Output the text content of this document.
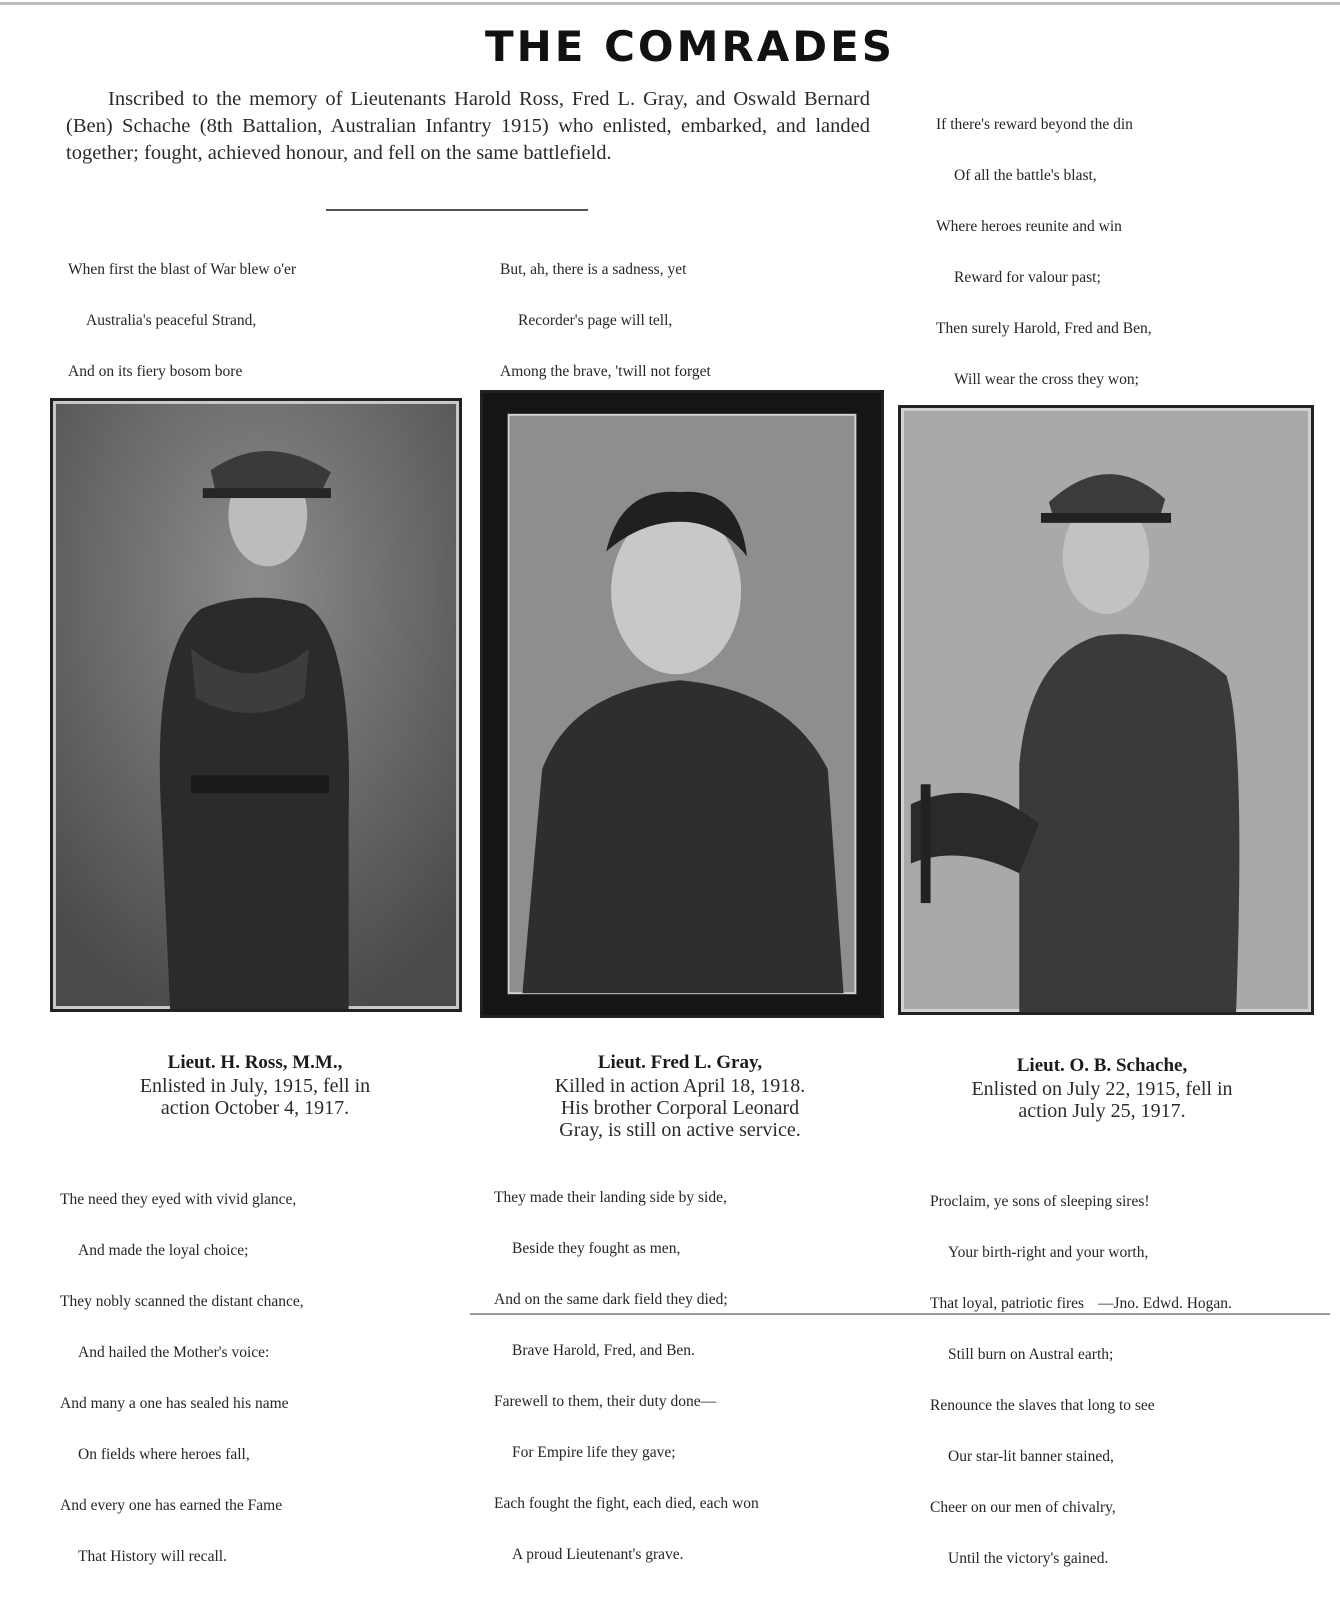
THE COMRADES
Inscribed to the memory of Lieutenants Harold Ross, Fred L. Gray, and Oswald Bernard (Ben) Schache (8th Battalion, Australian Infantry 1915) who enlisted, embarked, and landed together; fought, achieved honour, and fell on the same battlefield.

When first the blast of War blew o'er

Australia's peaceful Strand,

And on its fiery bosom bore

But, ah, there is a sadness, yet

Recorder's page will tell,

Among the brave, 'twill not forget

If there's reward beyond the din

Of all the battle's blast,

Where heroes reunite and win

Reward for valour past;

Then surely Harold, Fred and Ben,

Will wear the cross they won;

Lieut. H. Ross, M.M.,
Enlisted in July, 1915, fell in
action October 4, 1917.
Lieut. Fred L. Gray,
Killed in action April 18, 1918.
His brother Corporal Leonard
Gray, is still on active service.
Lieut. O. B. Schache,
Enlisted on July 22, 1915, fell in
action July 25, 1917.

The need they eyed with vivid glance,

And made the loyal choice;

They nobly scanned the distant chance,

And hailed the Mother's voice:

And many a one has sealed his name

On fields where heroes fall,

And every one has earned the Fame

That History will recall.

They made their landing side by side,

Beside they fought as men,

And on the same dark field they died;

Brave Harold, Fred, and Ben.

Farewell to them, their duty done—

For Empire life they gave;

Each fought the fight, each died, each won

A proud Lieutenant's grave.

Proclaim, ye sons of sleeping sires!

Your birth-right and your worth,

That loyal, patriotic fires

Still burn on Austral earth;

Renounce the slaves that long to see

Our star-lit banner stained,

Cheer on our men of chivalry,

Until the victory's gained.

—Jno. Edwd. Hogan.
